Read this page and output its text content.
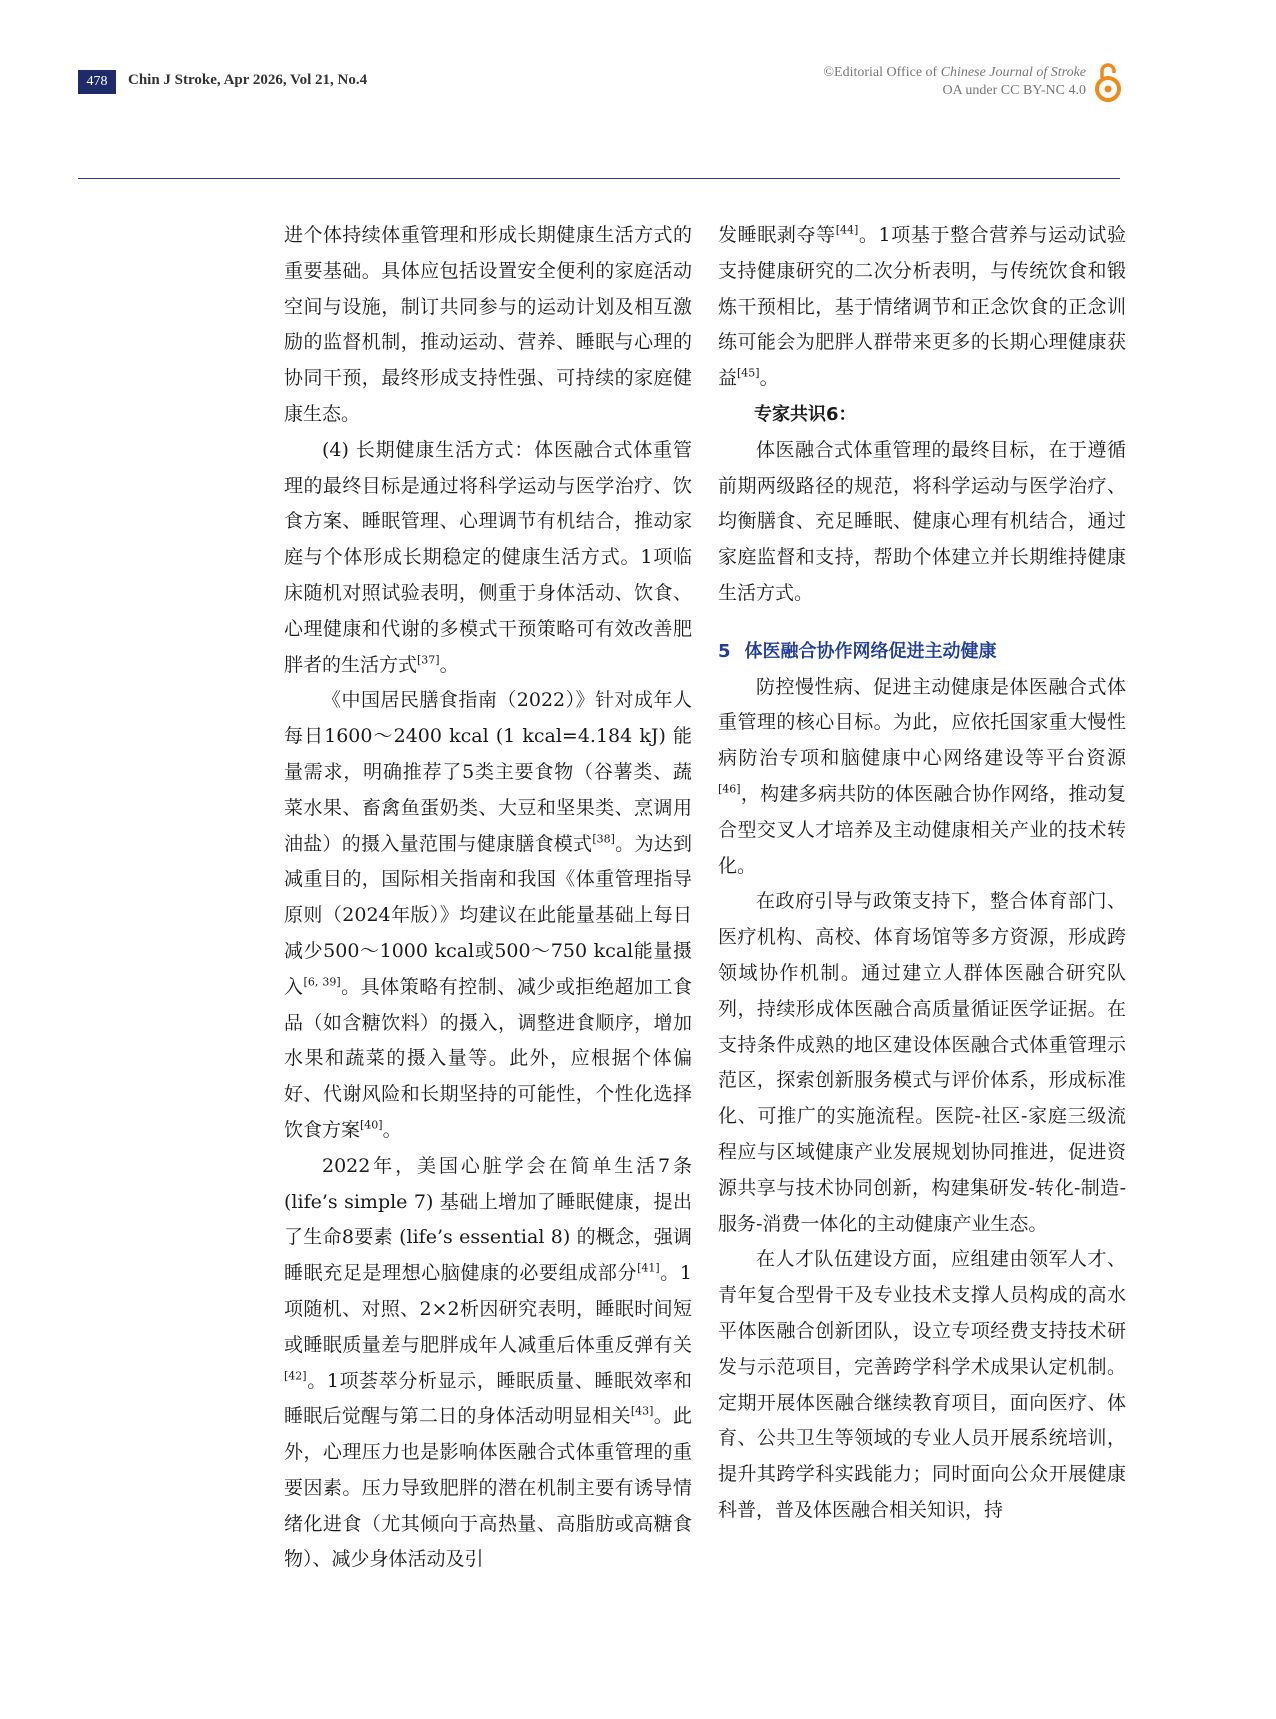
478	Chin J Stroke, Apr 2026, Vol 21, No.4	©Editorial Office of Chinese Journal of Stroke
OA under CC BY-NC 4.0

进个体持续体重管理和形成长期健康生活方式的重要基础。具体应包括设置安全便利的家庭活动空间与设施，制订共同参与的运动计划及相互激励的监督机制，推动运动、营养、睡眠与心理的协同干预，最终形成支持性强、可持续的家庭健康生态。

(4) 长期健康生活方式：体医融合式体重管理的最终目标是通过将科学运动与医学治疗、饮食方案、睡眠管理、心理调节有机结合，推动家庭与个体形成长期稳定的健康生活方式。1项临床随机对照试验表明，侧重于身体活动、饮食、心理健康和代谢的多模式干预策略可有效改善肥胖者的生活方式[37]。

《中国居民膳食指南（2022）》针对成年人每日1600～2400 kcal (1 kcal=4.184 kJ) 能量需求，明确推荐了5类主要食物（谷薯类、蔬菜水果、畜禽鱼蛋奶类、大豆和坚果类、烹调用油盐）的摄入量范围与健康膳食模式[38]。为达到减重目的，国际相关指南和我国《体重管理指导原则（2024年版）》均建议在此能量基础上每日减少500～1000 kcal或500～750 kcal能量摄入[6, 39]。具体策略有控制、减少或拒绝超加工食品（如含糖饮料）的摄入，调整进食顺序，增加水果和蔬菜的摄入量等。此外，应根据个体偏好、代谢风险和长期坚持的可能性，个性化选择饮食方案[40]。

2022年，美国心脏学会在简单生活7条 (life’s simple 7) 基础上增加了睡眠健康，提出了生命8要素 (life’s essential 8) 的概念，强调睡眠充足是理想心脑健康的必要组成部分[41]。1项随机、对照、2×2析因研究表明，睡眠时间短或睡眠质量差与肥胖成年人减重后体重反弹有关[42]。1项荟萃分析显示，睡眠质量、睡眠效率和睡眠后觉醒与第二日的身体活动明显相关[43]。此外，心理压力也是影响体医融合式体重管理的重要因素。压力导致肥胖的潜在机制主要有诱导情绪化进食（尤其倾向于高热量、高脂肪或高糖食物）、减少身体活动及引

发睡眠剥夺等[44]。1项基于整合营养与运动试验支持健康研究的二次分析表明，与传统饮食和锻炼干预相比，基于情绪调节和正念饮食的正念训练可能会为肥胖人群带来更多的长期心理健康获益[45]。

专家共识6：

体医融合式体重管理的最终目标，在于遵循前期两级路径的规范，将科学运动与医学治疗、均衡膳食、充足睡眠、健康心理有机结合，通过家庭监督和支持，帮助个体建立并长期维持健康生活方式。

5 体医融合协作网络促进主动健康

防控慢性病、促进主动健康是体医融合式体重管理的核心目标。为此，应依托国家重大慢性病防治专项和脑健康中心网络建设等平台资源[46]，构建多病共防的体医融合协作网络，推动复合型交叉人才培养及主动健康相关产业的技术转化。

在政府引导与政策支持下，整合体育部门、医疗机构、高校、体育场馆等多方资源，形成跨领域协作机制。通过建立人群体医融合研究队列，持续形成体医融合高质量循证医学证据。在支持条件成熟的地区建设体医融合式体重管理示范区，探索创新服务模式与评价体系，形成标准化、可推广的实施流程。医院-社区-家庭三级流程应与区域健康产业发展规划协同推进，促进资源共享与技术协同创新，构建集研发-转化-制造-服务-消费一体化的主动健康产业生态。

在人才队伍建设方面，应组建由领军人才、青年复合型骨干及专业技术支撑人员构成的高水平体医融合创新团队，设立专项经费支持技术研发与示范项目，完善跨学科学术成果认定机制。定期开展体医融合继续教育项目，面向医疗、体育、公共卫生等领域的专业人员开展系统培训，提升其跨学科实践能力；同时面向公众开展健康科普，普及体医融合相关知识，持
